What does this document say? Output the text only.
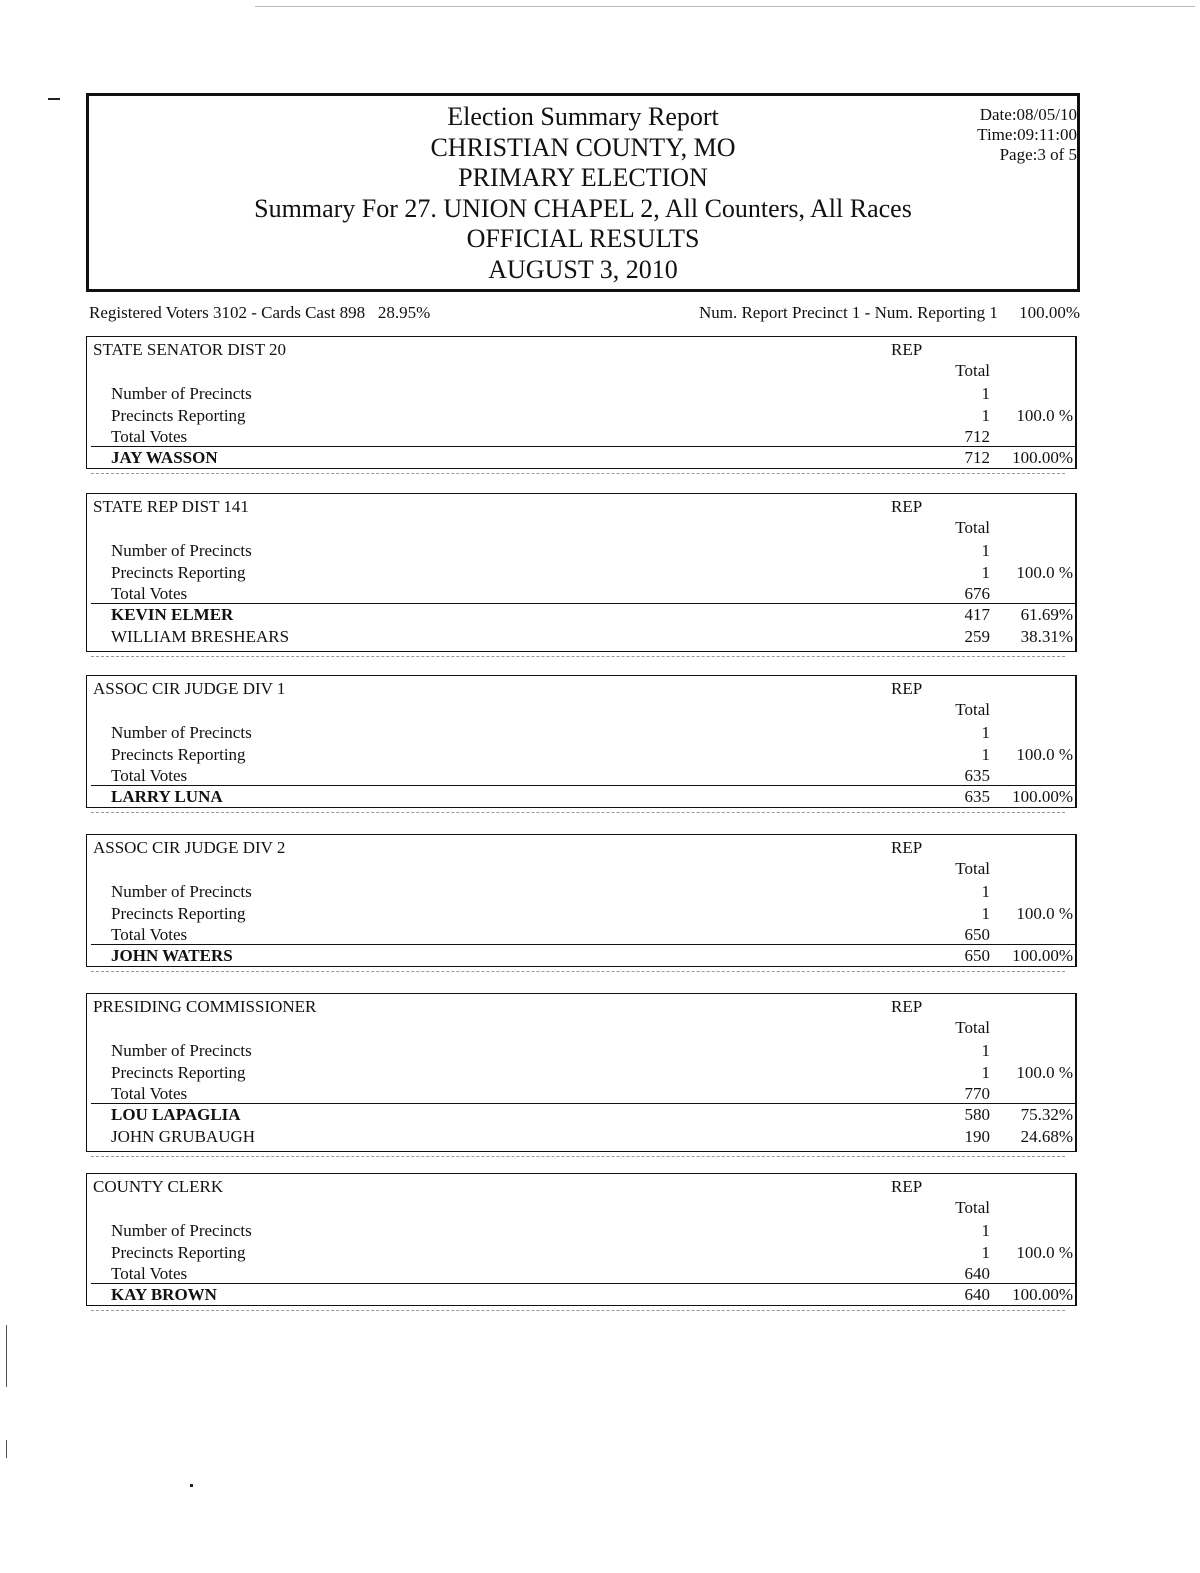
Election Summary Report
CHRISTIAN COUNTY, MO
PRIMARY ELECTION
Summary For 27. UNION CHAPEL 2, All Counters, All Races
OFFICIAL RESULTS
AUGUST 3, 2010
Date:08/05/10
Time:09:11:00
Page:3 of 5
Registered Voters 3102 - Cards Cast 898   28.95%	Num. Report Precinct 1 - Num. Reporting 1     100.00%
STATE SENATOR DIST 20	REP
Total
Number of Precincts	1
Precincts Reporting	1	100.0 %
Total Votes	712
JAY WASSON	712	100.00%
STATE REP DIST 141	REP
Total
Number of Precincts	1
Precincts Reporting	1	100.0 %
Total Votes	676
KEVIN ELMER	417	61.69%
WILLIAM BRESHEARS	259	38.31%
ASSOC CIR JUDGE DIV 1	REP
Total
Number of Precincts	1
Precincts Reporting	1	100.0 %
Total Votes	635
LARRY LUNA	635	100.00%
ASSOC CIR JUDGE DIV 2	REP
Total
Number of Precincts	1
Precincts Reporting	1	100.0 %
Total Votes	650
JOHN WATERS	650	100.00%
PRESIDING COMMISSIONER	REP
Total
Number of Precincts	1
Precincts Reporting	1	100.0 %
Total Votes	770
LOU LAPAGLIA	580	75.32%
JOHN GRUBAUGH	190	24.68%
COUNTY CLERK	REP
Total
Number of Precincts	1
Precincts Reporting	1	100.0 %
Total Votes	640
KAY BROWN	640	100.00%
